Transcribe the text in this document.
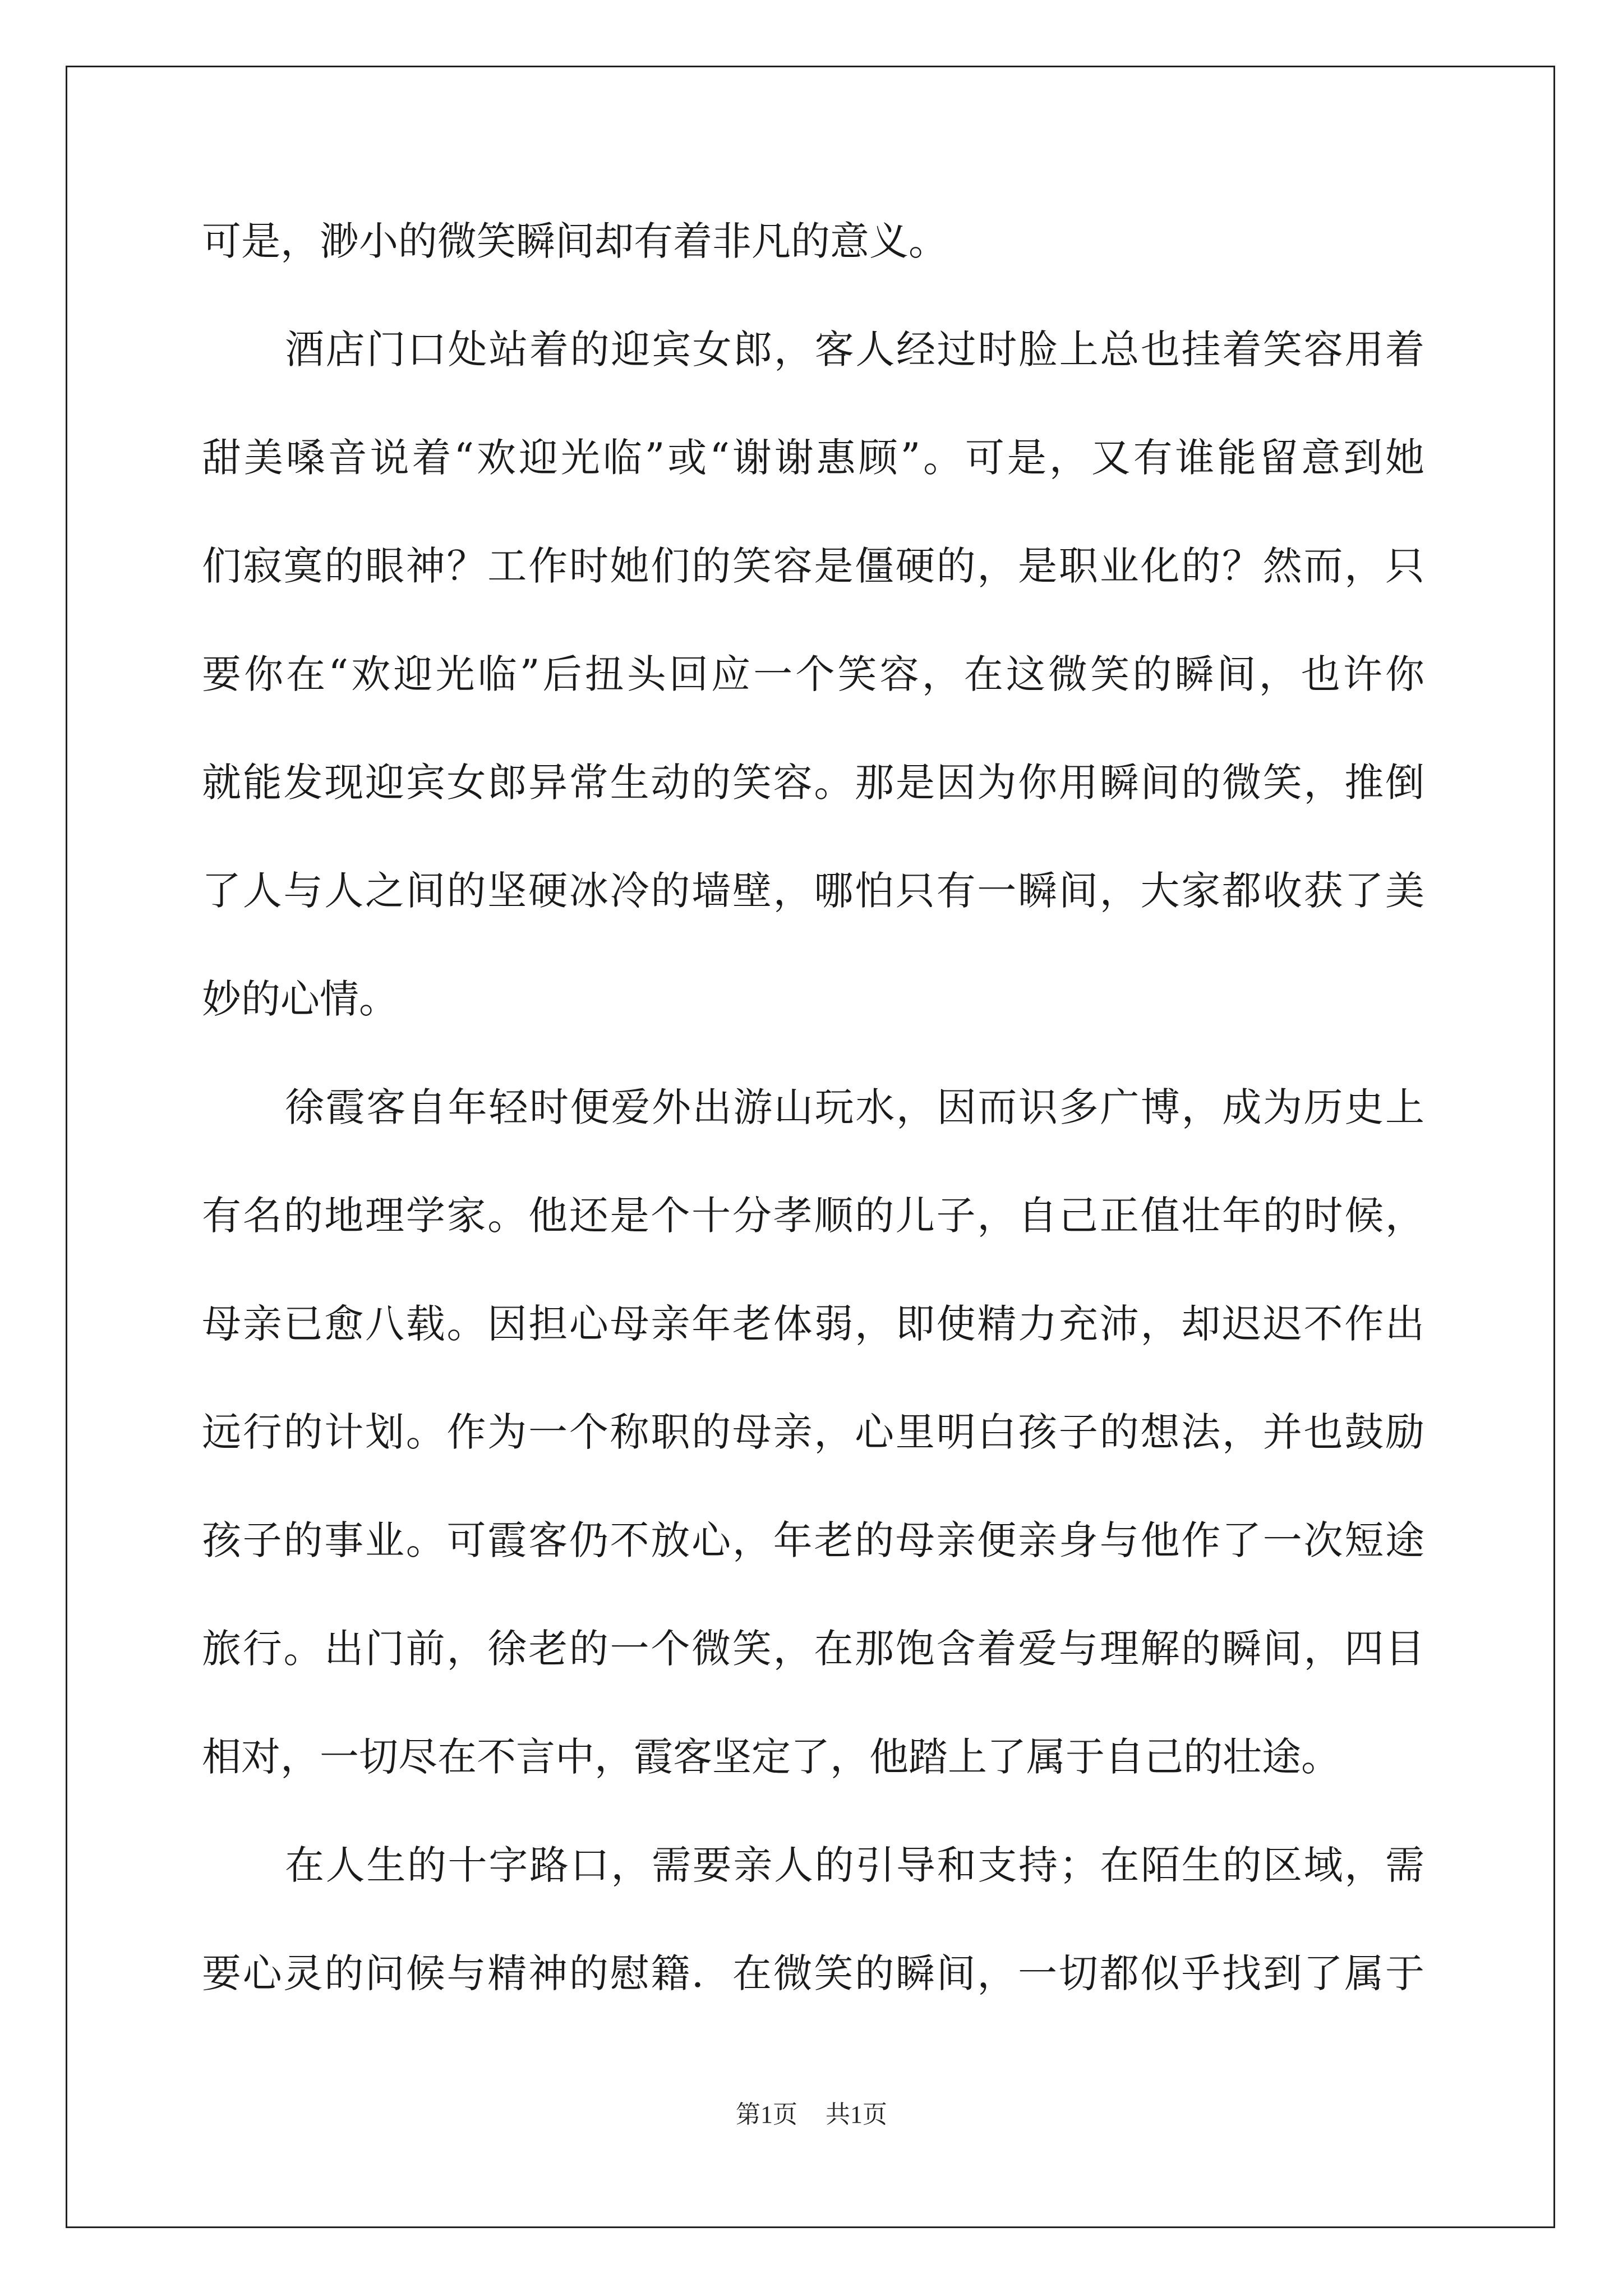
可是，渺小的微笑瞬间却有着非凡的意义。
酒店门口处站着的迎宾女郎，客人经过时脸上总也挂着笑容用着
甜美嗓音说着“欢迎光临”或“谢谢惠顾”。可是，又有谁能留意到她
们寂寞的眼神？工作时她们的笑容是僵硬的，是职业化的？然而，只
要你在“欢迎光临”后扭头回应一个笑容，在这微笑的瞬间，也许你
就能发现迎宾女郎异常生动的笑容。那是因为你用瞬间的微笑，推倒
了人与人之间的坚硬冰冷的墙壁，哪怕只有一瞬间，大家都收获了美
妙的心情。
徐霞客自年轻时便爱外出游山玩水，因而识多广博，成为历史上
有名的地理学家。他还是个十分孝顺的儿子，自己正值壮年的时候，
母亲已愈八载。因担心母亲年老体弱，即使精力充沛，却迟迟不作出
远行的计划。作为一个称职的母亲，心里明白孩子的想法，并也鼓励
孩子的事业。可霞客仍不放心，年老的母亲便亲身与他作了一次短途
旅行。出门前，徐老的一个微笑，在那饱含着爱与理解的瞬间，四目
相对，一切尽在不言中，霞客坚定了，他踏上了属于自己的壮途。
在人生的十字路口，需要亲人的引导和支持；在陌生的区域，需
要心灵的问候与精神的慰籍．在微笑的瞬间，一切都似乎找到了属于
第1页 共1页
